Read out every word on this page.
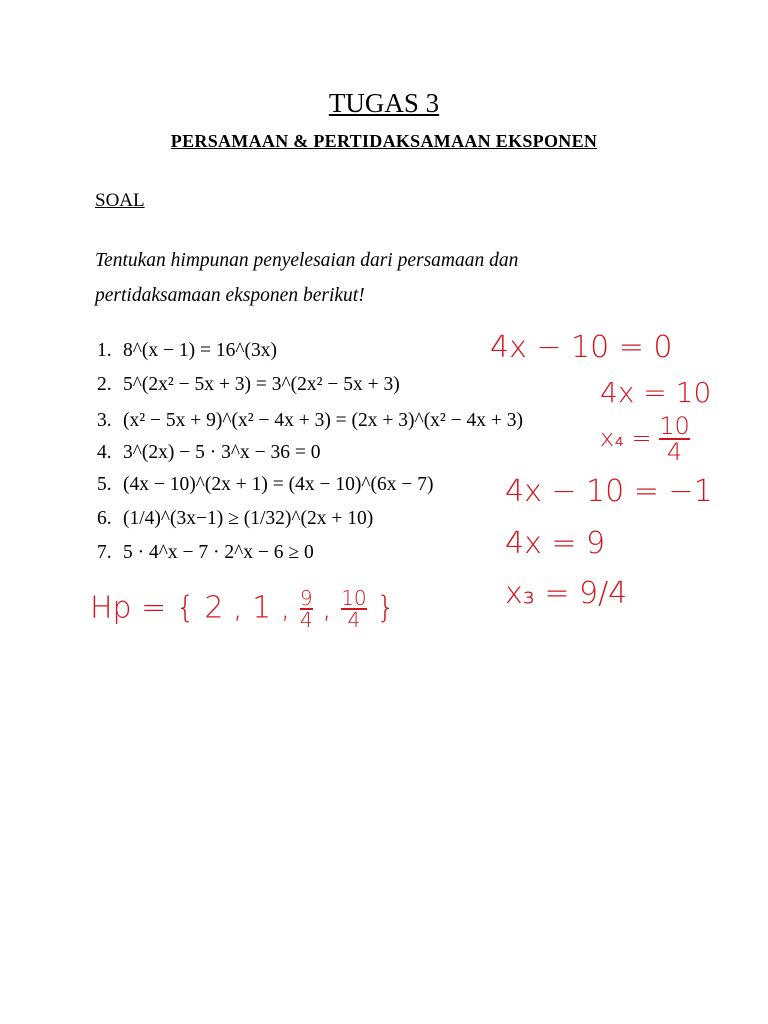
TUGAS 3
PERSAMAAN & PERTIDAKSAMAAN EKSPONEN
SOAL
Tentukan himpunan penyelesaian dari persamaan dan
pertidaksamaan eksponen berikut!
1. 8^(x − 1) = 16^(3x)
2. 5^(2x² − 5x + 3) = 3^(2x² − 5x + 3)
3. (x² − 5x + 9)^(x² − 4x + 3) = (2x + 3)^(x² − 4x + 3)
4. 3^(2x) − 5 · 3^x − 36 = 0
5. (4x − 10)^(2x + 1) = (4x − 10)^(6x − 7)
6. (1/4)^(3x−1) ≥ (1/32)^(2x + 10)
7. 5 · 4^x − 7 · 2^x − 6 ≥ 0
4x − 10 = 0
4x = 10
$x_4 = \frac{10}{4}$
4x − 10 = −1
4x = 9
x₃ = 9/4
Hp = { 2 , 1 , $\frac{9}{4}$ , $\frac{10}{4}$ }
